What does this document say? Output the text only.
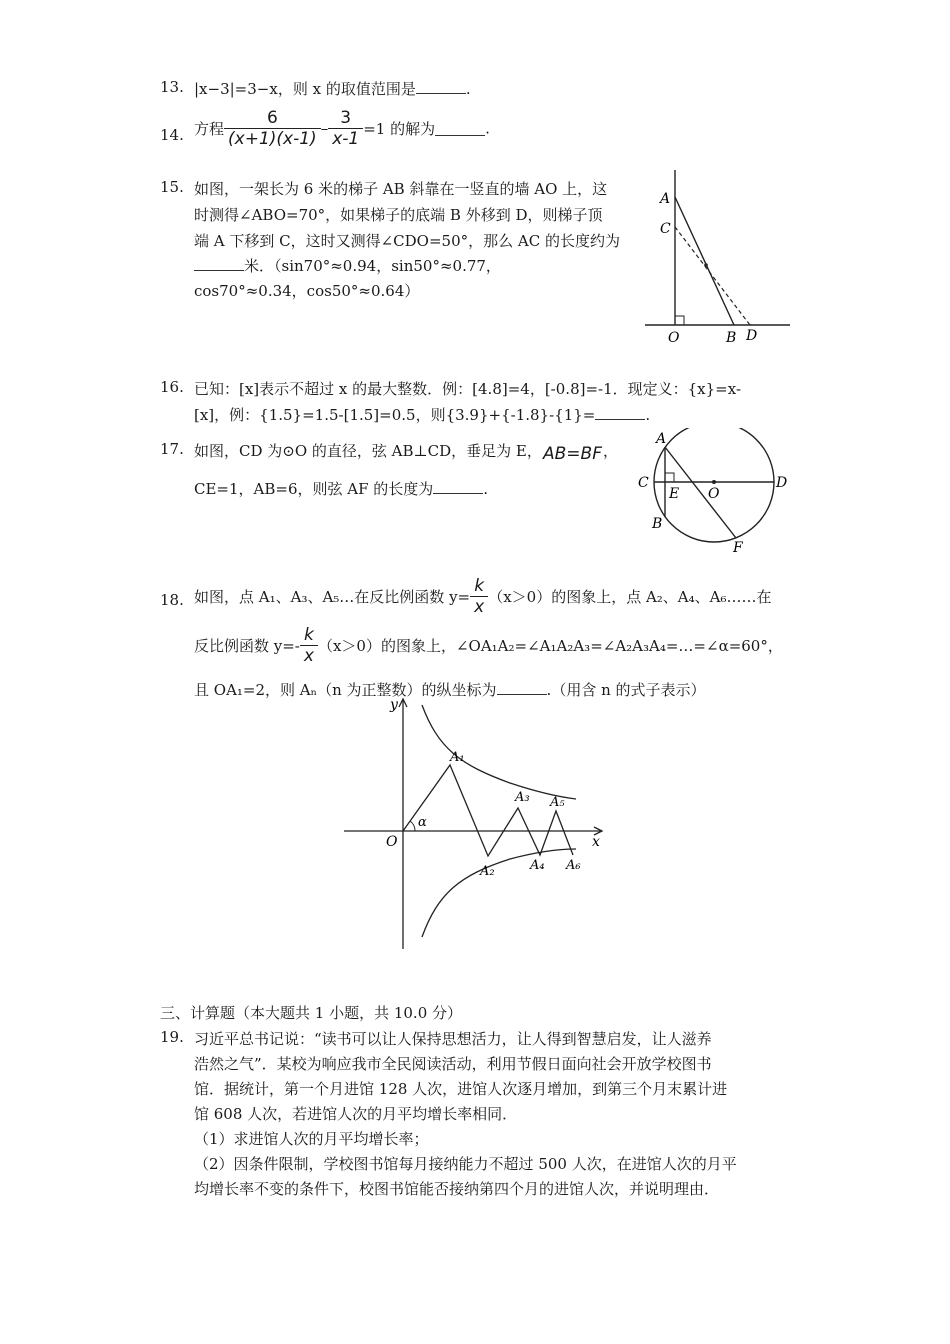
13. |x−3|=3−x，则 x 的取值范围是	.
14. 方程 $\frac{6}{(x+1)(x-1)} - \frac{3}{x-1} =1$ 的解为	.
15. 如图，一架长为 6 米的梯子 AB 斜靠在一竖直的墙 AO 上，这
时测得∠ABO=70°，如果梯子的底端 B 外移到 D，则梯子顶
端 A 下移到 C，这时又测得∠CDO=50°，那么 AC 的长度约为
米．（sin70°≈0.94，sin50°≈0.77，
cos70°≈0.34，cos50°≈0.64）
A
C
O	B D
16. 已知：[x]表示不超过 x 的最大整数．例：[4.8]=4，[-0.8]=-1．现定义：{x}=x-
[x]，例：{1.5}=1.5-[1.5]=0.5，则{3.9}+{-1.8}-{1}=	.
17. 如图，CD 为⊙O 的直径，弦 AB⊥CD，垂足为 E， AB=BF ，
CE=1，AB=6，则弦 AF 的长度为	.
A
C
E O
D
B
F
18. 如图，点 A₁、A₃、A₅…在反比例函数 $y= \frac{k}{x} (x>0)$的图象上，点 A₂、A₄、A₆……在
反比例函数 $y=- \frac{k}{x} (x>0)$的图象上，∠OA₁A₂=∠A₁A₂A₃=∠A₂A₃A₄=…=∠α=60°，
且 OA₁=2，则 Aₙ（n 为正整数）的纵坐标为	.（用含 n 的式子表示）
y
x
O
α
A₁
A₂
A₃
A₄
A₅
A₆
三、计算题（本大题共 1 小题，共 10.0 分）
19. 习近平总书记说：“读书可以让人保持思想活力，让人得到智慧启发，让人滋养
浩然之气”．某校为响应我市全民阅读活动，利用节假日面向社会开放学校图书
馆．据统计，第一个月进馆 128 人次，进馆人次逐月增加，到第三个月末累计进
馆 608 人次，若进馆人次的月平均增长率相同．
（1）求进馆人次的月平均增长率；
（2）因条件限制，学校图书馆每月接纳能力不超过 500 人次，在进馆人次的月平
均增长率不变的条件下，校图书馆能否接纳第四个月的进馆人次，并说明理由．
